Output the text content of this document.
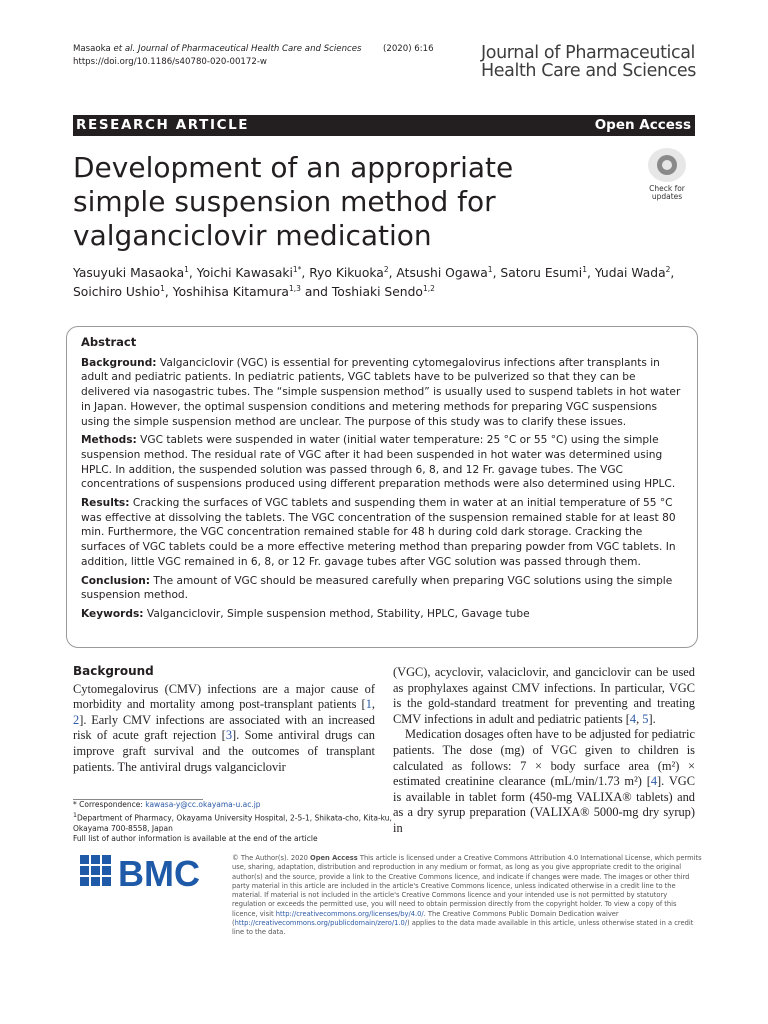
Masaoka et al. Journal of Pharmaceutical Health Care and Sciences (2020) 6:16
https://doi.org/10.1186/s40780-020-00172-w	Journal of Pharmaceutical
Health Care and Sciences
RESEARCH ARTICLE	Open Access
Development of an appropriate simple suspension method for valganciclovir medication
Check for
updates
Yasuyuki Masaoka$^1$, Yoichi Kawasaki$^{1*}$, Ryo Kikuoka$^2$, Atsushi Ogawa$^1$, Satoru Esumi$^1$, Yudai Wada$^2$, Soichiro Ushio$^1$, Yoshihisa Kitamura$^{1,3}$ and Toshiaki Sendo$^{1,2}$
Abstract

Background: Valganciclovir (VGC) is essential for preventing cytomegalovirus infections after transplants in adult and pediatric patients. In pediatric patients, VGC tablets have to be pulverized so that they can be delivered via nasogastric tubes. The “simple suspension method” is usually used to suspend tablets in hot water in Japan. However, the optimal suspension conditions and metering methods for preparing VGC suspensions using the simple suspension method are unclear. The purpose of this study was to clarify these issues.

Methods: VGC tablets were suspended in water (initial water temperature: 25 °C or 55 °C) using the simple suspension method. The residual rate of VGC after it had been suspended in hot water was determined using HPLC. In addition, the suspended solution was passed through 6, 8, and 12 Fr. gavage tubes. The VGC concentrations of suspensions produced using different preparation methods were also determined using HPLC.

Results: Cracking the surfaces of VGC tablets and suspending them in water at an initial temperature of 55 °C was effective at dissolving the tablets. The VGC concentration of the suspension remained stable for at least 80 min. Furthermore, the VGC concentration remained stable for 48 h during cold dark storage. Cracking the surfaces of VGC tablets could be a more effective metering method than preparing powder from VGC tablets. In addition, little VGC remained in 6, 8, or 12 Fr. gavage tubes after VGC solution was passed through them.

Conclusion: The amount of VGC should be measured carefully when preparing VGC solutions using the simple suspension method.

Keywords: Valganciclovir, Simple suspension method, Stability, HPLC, Gavage tube

Background

Cytomegalovirus (CMV) infections are a major cause of morbidity and mortality among post-transplant patients [1, 2]. Early CMV infections are associated with an increased risk of acute graft rejection [3]. Some antiviral drugs can improve graft survival and the outcomes of transplant patients. The antiviral drugs valganciclovir

(VGC), acyclovir, valaciclovir, and ganciclovir can be used as prophylaxes against CMV infections. In particular, VGC is the gold-standard treatment for preventing and treating CMV infections in adult and pediatric patients [4, 5].

Medication dosages often have to be adjusted for pediatric patients. The dose (mg) of VGC given to children is calculated as follows: 7 × body surface area (m²) × estimated creatinine clearance (mL/min/1.73 m²) [4]. VGC is available in tablet form (450-mg VALIXA® tablets) and as a dry syrup preparation (VALIXA® 5000-mg dry syrup) in

* Correspondence: kawasa-y@cc.okayama-u.ac.jp
$^1$Department of Pharmacy, Okayama University Hospital, 2-5-1, Shikata-cho, Kita-ku, Okayama 700-8558, Japan
Full list of author information is available at the end of the article
BMC	© The Author(s). 2020 Open Access This article is licensed under a Creative Commons Attribution 4.0 International License, which permits use, sharing, adaptation, distribution and reproduction in any medium or format, as long as you give appropriate credit to the original author(s) and the source, provide a link to the Creative Commons licence, and indicate if changes were made. The images or other third party material in this article are included in the article's Creative Commons licence, unless indicated otherwise in a credit line to the material. If material is not included in the article's Creative Commons licence and your intended use is not permitted by statutory regulation or exceeds the permitted use, you will need to obtain permission directly from the copyright holder. To view a copy of this licence, visit http://creativecommons.org/licenses/by/4.0/. The Creative Commons Public Domain Dedication waiver (http://creativecommons.org/publicdomain/zero/1.0/) applies to the data made available in this article, unless otherwise stated in a credit line to the data.
